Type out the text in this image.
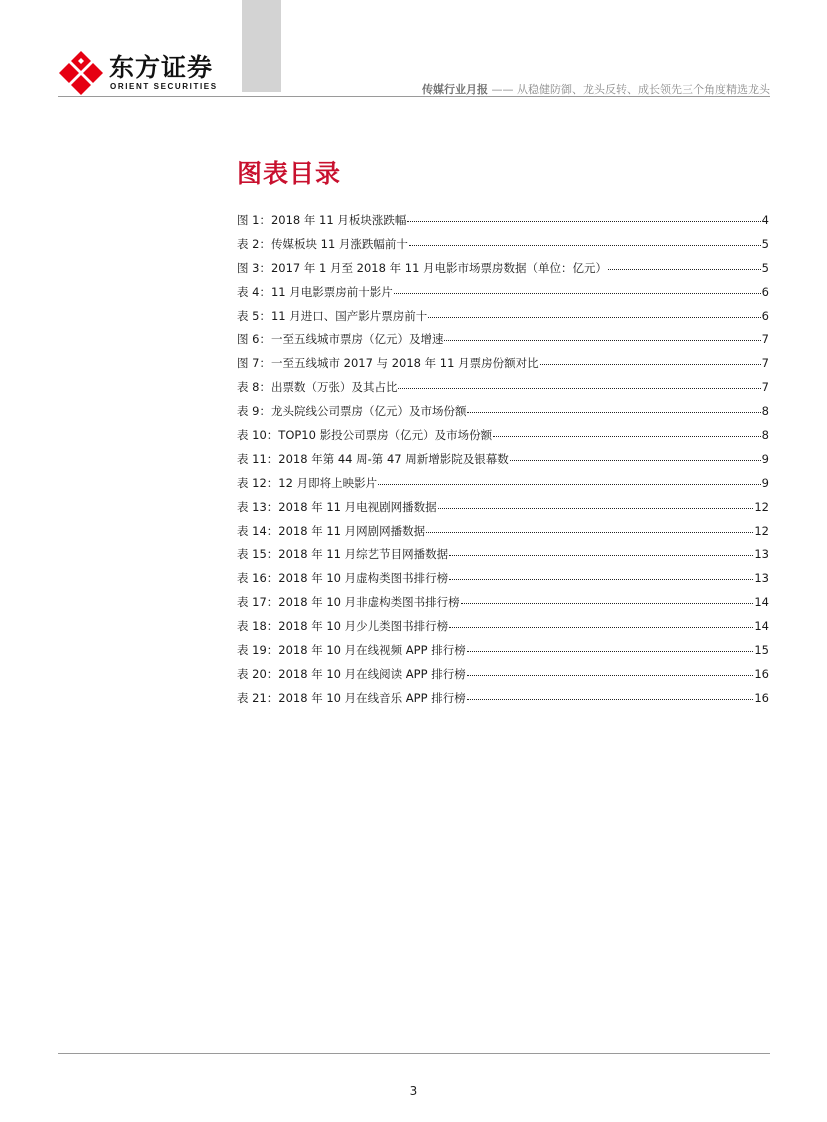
东方证券
ORIENT SECURITIES	传媒行业月报 —— 从稳健防御、龙头反转、成长领先三个角度精选龙头
图表目录
图 1：2018 年 11 月板块涨跌幅	4
表 2：传媒板块 11 月涨跌幅前十	5
图 3：2017 年 1 月至 2018 年 11 月电影市场票房数据（单位：亿元）	5
表 4：11 月电影票房前十影片	6
表 5：11 月进口、国产影片票房前十	6
图 6：一至五线城市票房（亿元）及增速	7
图 7：一至五线城市 2017 与 2018 年 11 月票房份额对比	7
表 8：出票数（万张）及其占比	7
表 9：龙头院线公司票房（亿元）及市场份额	8
表 10：TOP10 影投公司票房（亿元）及市场份额	8
表 11：2018 年第 44 周-第 47 周新增影院及银幕数	9
表 12：12 月即将上映影片	9
表 13：2018 年 11 月电视剧网播数据	12
表 14：2018 年 11 月网剧网播数据	12
表 15：2018 年 11 月综艺节目网播数据	13
表 16：2018 年 10 月虚构类图书排行榜	13
表 17：2018 年 10 月非虚构类图书排行榜	14
表 18：2018 年 10 月少儿类图书排行榜	14
表 19：2018 年 10 月在线视频 APP 排行榜	15
表 20：2018 年 10 月在线阅读 APP 排行榜	16
表 21：2018 年 10 月在线音乐 APP 排行榜	16
3
